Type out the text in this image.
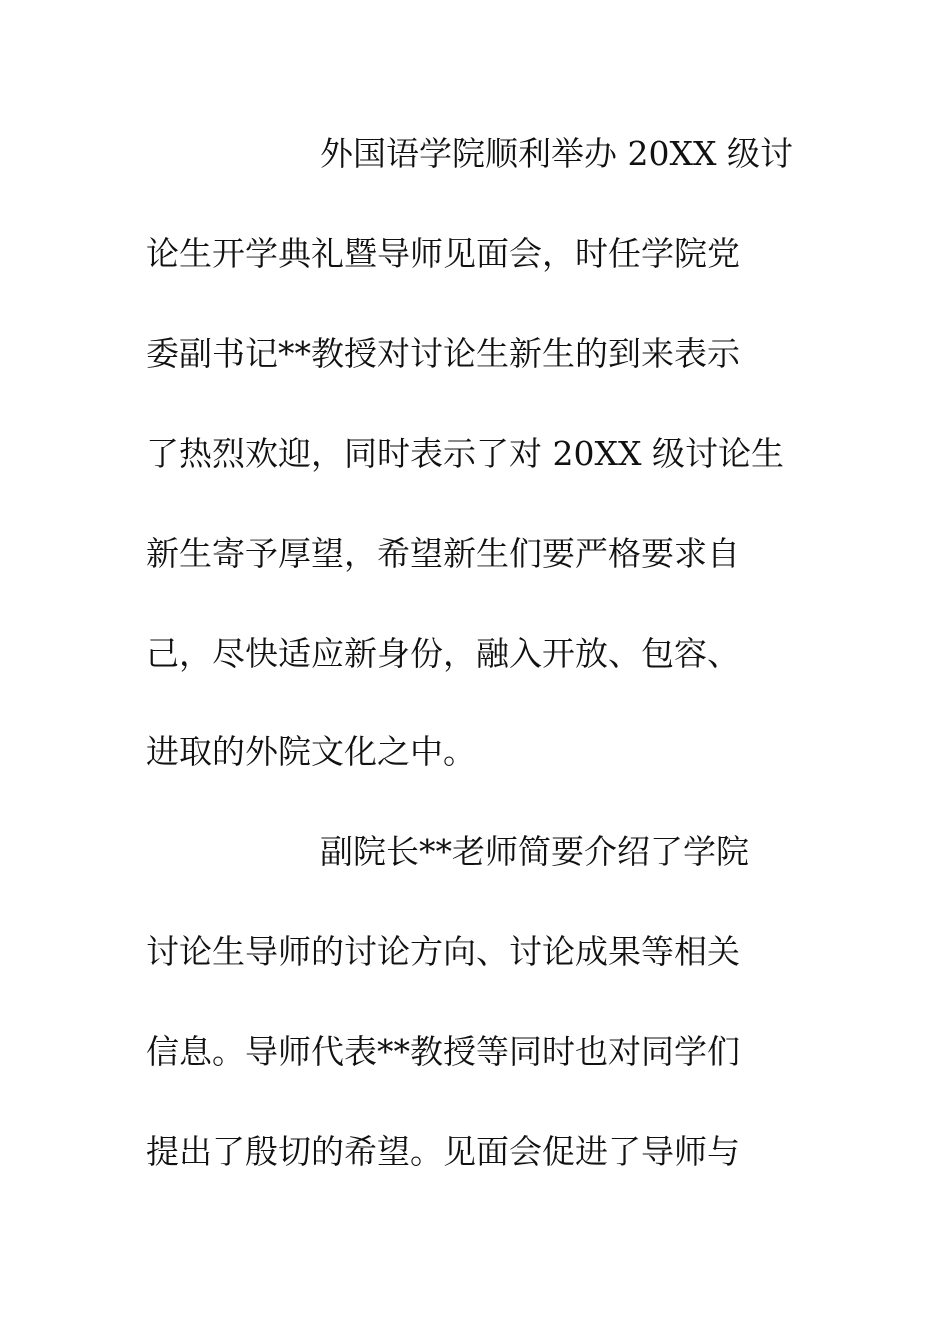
外国语学院顺利举办 20XX 级讨
论生开学典礼暨导师见面会，时任学院党
委副书记**教授对讨论生新生的到来表示
了热烈欢迎，同时表示了对 20XX 级讨论生
新生寄予厚望，希望新生们要严格要求自
己，尽快适应新身份，融入开放、包容、
进取的外院文化之中。
副院长**老师简要介绍了学院
讨论生导师的讨论方向、讨论成果等相关
信息。导师代表**教授等同时也对同学们
提出了殷切的希望。见面会促进了导师与
